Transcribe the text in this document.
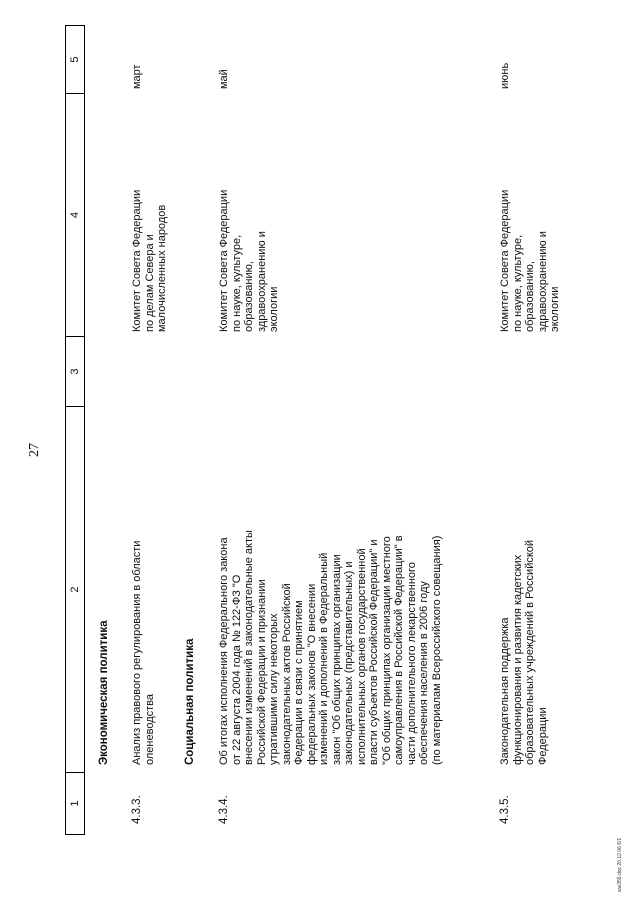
27
ww355.doc 20.12.06 6/1
1
2
3
4
5
Экономическая политика	Социальная политика
4.3.3.
Анализ правового регулирования в области оленеводства
Комитет Совета Федерации по делам Севера и малочисленных народов
март
4.3.4.
Об итогах исполнения Федерального закона от 22 августа 2004 года № 122-ФЗ "О внесении изменений в законодательные акты Российской Федерации и признании утратившими силу некоторых законодательных актов Российской Федерации в связи с принятием федеральных законов "О внесении изменений и дополнений в Федеральный закон "Об общих принципах организации законодательных (представительных) и исполнительных органов государственной власти субъектов Российской Федерации" и "Об общих принципах организации местного самоуправления в Российской Федерации" в части дополнительного лекарственного обеспечения населения в 2006 году (по материалам Всероссийского совещания)
Комитет Совета Федерации по науке, культуре, образованию, здравоохранению и экологии
май
4.3.5.
Законодательная поддержка функционирования и развития кадетских образовательных учреждений в Российской Федерации
Комитет Совета Федерации по науке, культуре, образованию, здравоохранению и экологии
июнь
